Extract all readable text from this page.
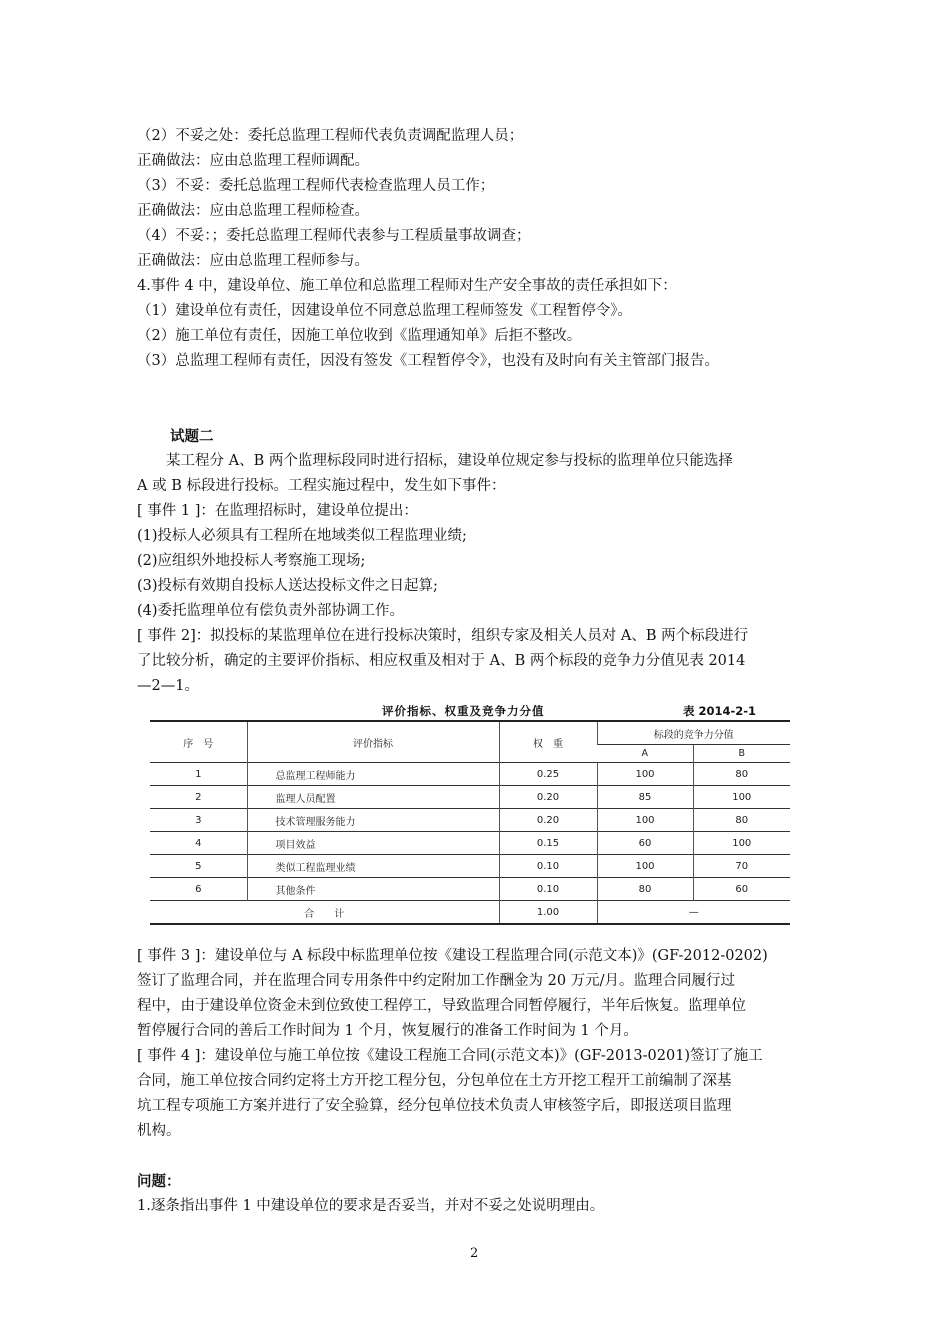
（2）不妥之处：委托总监理工程师代表负责调配监理人员；
正确做法：应由总监理工程师调配。
（3）不妥：委托总监理工程师代表检查监理人员工作；
正确做法：应由总监理工程师检查。
（4）不妥：；委托总监理工程师代表参与工程质量事故调查；
正确做法：应由总监理工程师参与。
4.事件 4 中，建设单位、施工单位和总监理工程师对生产安全事故的责任承担如下：
（1）建设单位有责任，因建设单位不同意总监理工程师签发《工程暂停令》。
（2）施工单位有责任，因施工单位收到《监理通知单》后拒不整改。
（3）总监理工程师有责任，因没有签发《工程暂停令》，也没有及时向有关主管部门报告。
试题二
　　某工程分 A、B 两个监理标段同时进行招标，建设单位规定参与投标的监理单位只能选择
A 或 B 标段进行投标。工程实施过程中，发生如下事件：
[ 事件 1 ]：在监理招标时，建设单位提出：
(1)投标人必须具有工程所在地域类似工程监理业绩;
(2)应组织外地投标人考察施工现场;
(3)投标有效期自投标人送达投标文件之日起算;
(4)委托监理单位有偿负责外部协调工作。
[ 事件 2]：拟投标的某监理单位在进行投标决策时，组织专家及相关人员对 A、B 两个标段进行
了比较分析，确定的主要评价指标、相应权重及相对于 A、B 两个标段的竞争力分值见表 2014
—2—1。
评价指标、权重及竞争力分值	表 2014-2-1
序　号	评价指标	权　重	标段的竞争力分值	
			A	B
1	总监理工程师能力	0.25	100	80
2	监理人员配置	0.20	85	100
3	技术管理服务能力	0.20	100	80
4	项目效益	0.15	60	100
5	类似工程监理业绩	0.10	100	70
6	其他条件	0.10	80	60
合　　计		1.00	—	
[ 事件 3 ]：建设单位与 A 标段中标监理单位按《建设工程监理合同(示范文本)》(GF-2012-0202)
签订了监理合同，并在监理合同专用条件中约定附加工作酬金为 20 万元/月。监理合同履行过
程中，由于建设单位资金未到位致使工程停工，导致监理合同暂停履行，半年后恢复。监理单位
暂停履行合同的善后工作时间为 1 个月，恢复履行的准备工作时间为 1 个月。
[ 事件 4 ]：建设单位与施工单位按《建设工程施工合同(示范文本)》(GF-2013-0201)签订了施工
合同，施工单位按合同约定将土方开挖工程分包，分包单位在土方开挖工程开工前编制了深基
坑工程专项施工方案并进行了安全验算，经分包单位技术负责人审核签字后，即报送项目监理
机构。
问题：
1.逐条指出事件 1 中建设单位的要求是否妥当，并对不妥之处说明理由。
2
